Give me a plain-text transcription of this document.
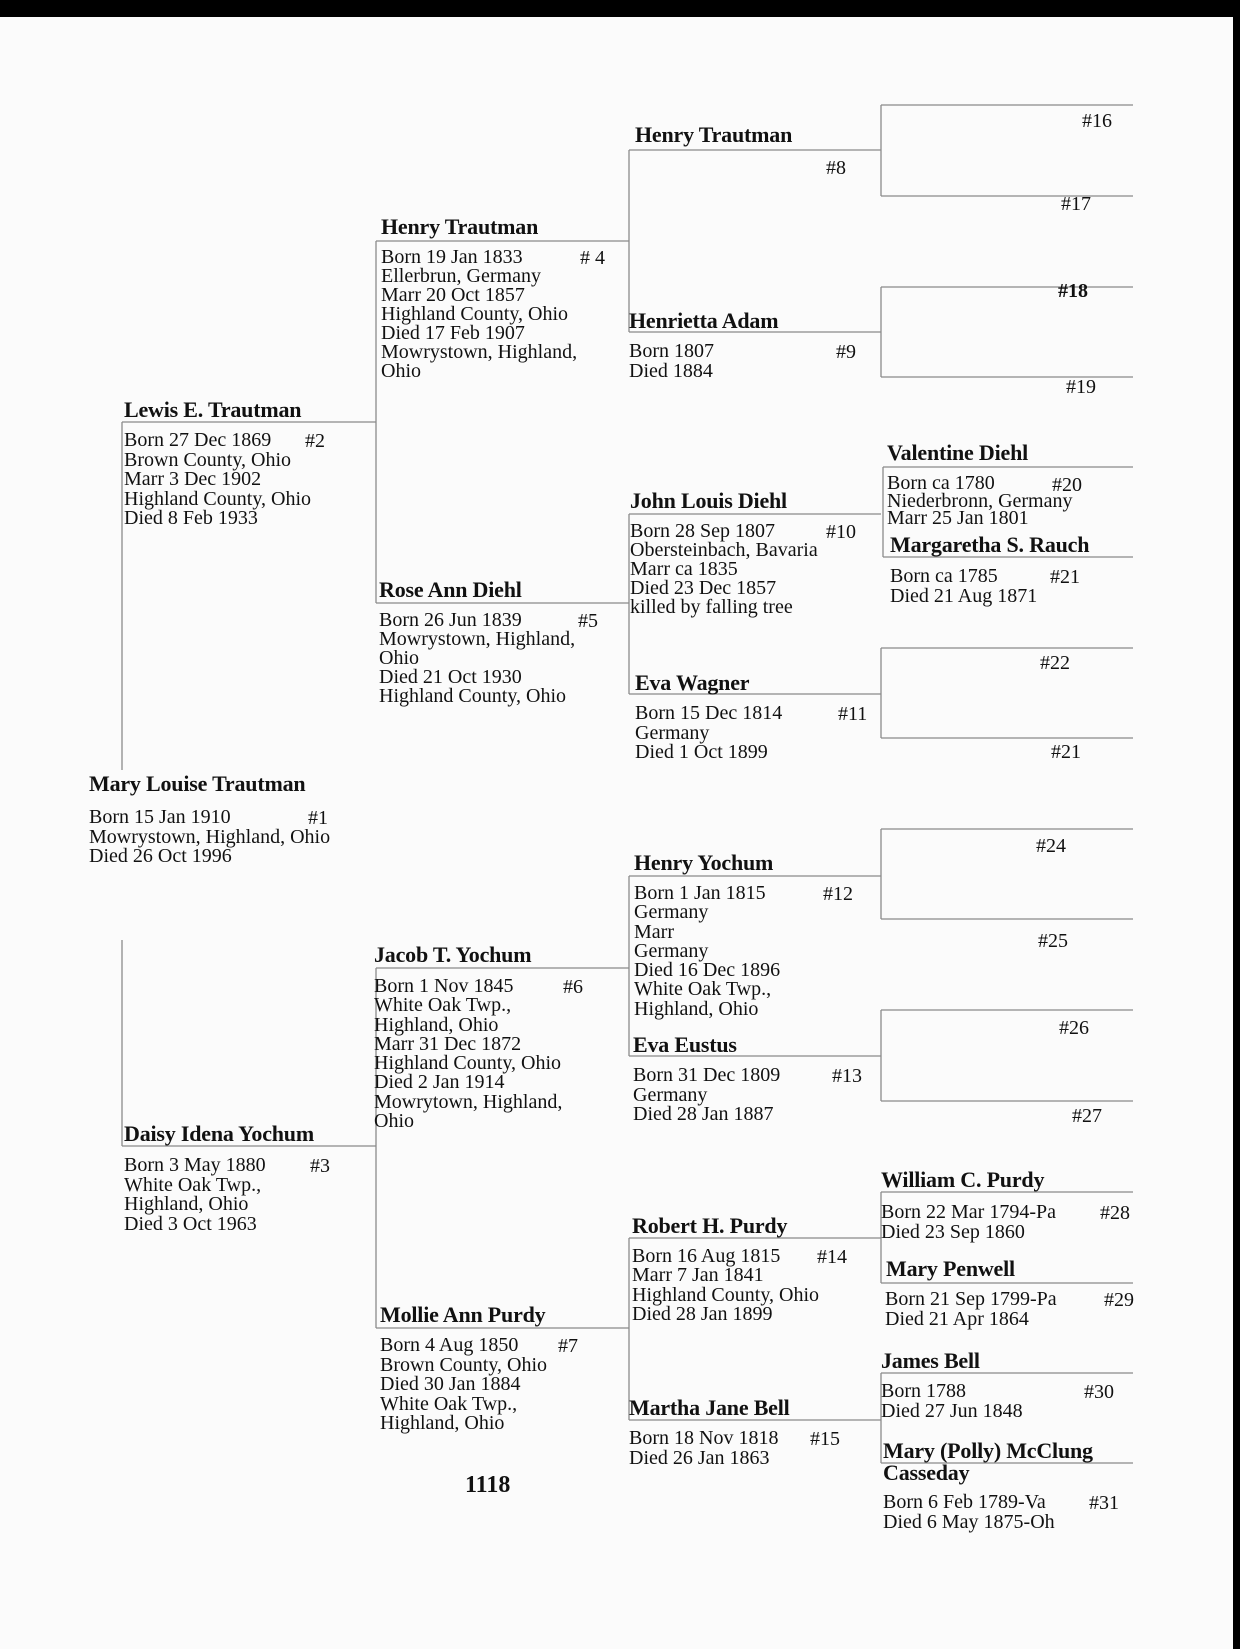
Mary Louise Trautman
#1
Born 15 Jan 1910
Mowrystown, Highland, Ohio
Died 26 Oct 1996
Lewis E. Trautman
#2
Born 27 Dec 1869
Brown County, Ohio
Marr 3 Dec 1902
Highland County, Ohio
Died 8 Feb 1933
Daisy Idena Yochum
#3
Born 3 May 1880
White Oak Twp.,
Highland, Ohio
Died 3 Oct 1963
Henry Trautman
# 4
Born 19 Jan 1833
Ellerbrun, Germany
Marr 20 Oct 1857
Highland County, Ohio
Died 17 Feb 1907
Mowrystown, Highland,
Ohio
Rose Ann Diehl
#5
Born 26 Jun 1839
Mowrystown, Highland,
Ohio
Died 21 Oct 1930
Highland County, Ohio
Jacob T. Yochum
#6
Born 1 Nov 1845
White Oak Twp.,
Highland, Ohio
Marr 31 Dec 1872
Highland County, Ohio
Died 2 Jan 1914
Mowrytown, Highland,
Ohio
Mollie Ann Purdy
#7
Born 4 Aug 1850
Brown County, Ohio
Died 30 Jan 1884
White Oak Twp.,
Highland, Ohio
Henry Trautman
#8
Henrietta Adam
#9
Born 1807
Died 1884
John Louis Diehl
#10
Born 28 Sep 1807
Obersteinbach, Bavaria
Marr ca 1835
Died 23 Dec 1857
killed by falling tree
Eva Wagner
#11
Born 15 Dec 1814
Germany
Died 1 Oct 1899
Henry Yochum
#12
Born 1 Jan 1815
Germany
Marr
Germany
Died 16 Dec 1896
White Oak Twp.,
Highland, Ohio
Eva Eustus
#13
Born 31 Dec 1809
Germany
Died 28 Jan 1887
Robert H. Purdy
#14
Born 16 Aug 1815
Marr 7 Jan 1841
Highland County, Ohio
Died 28 Jan 1899
Martha Jane Bell
#15
Born 18 Nov 1818
Died 26 Jan 1863
#16
#17
#18
#19
#22
#21
#24
#25
#26
#27
Valentine Diehl
#20
Born ca 1780
Niederbronn, Germany
Marr 25 Jan 1801
Margaretha S. Rauch
#21
Born ca 1785
Died 21 Aug 1871
William C. Purdy
#28
Born 22 Mar 1794-Pa
Died 23 Sep 1860
Mary Penwell
#29
Born 21 Sep 1799-Pa
Died 21 Apr 1864
James Bell
#30
Born 1788
Died 27 Jun 1848
Mary (Polly) McClung
Casseday
#31
Born 6 Feb 1789-Va
Died 6 May 1875-Oh
1118
